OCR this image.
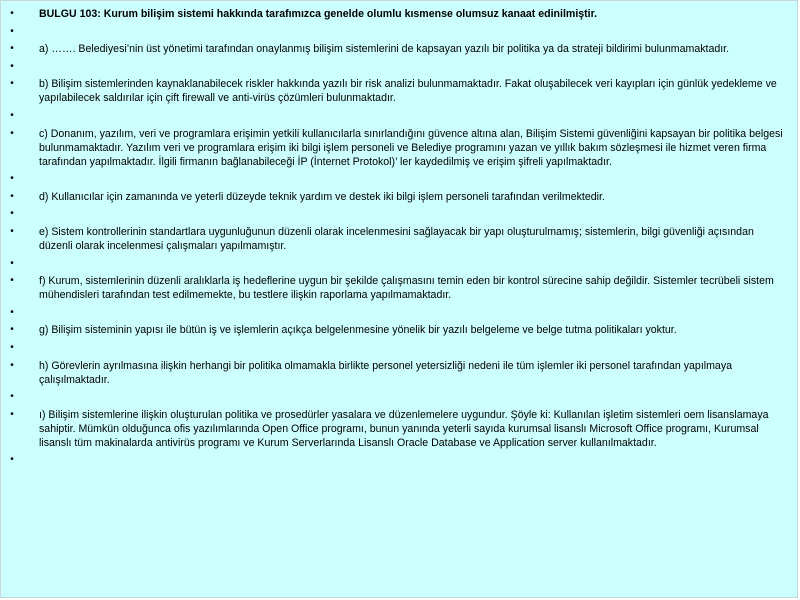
•	BULGU 103: Kurum bilişim sistemi hakkında tarafımızca genelde olumlu kısmense olumsuz kanaat edinilmiştir.
•
•	a) ……. Belediyesi’nin üst yönetimi tarafından onaylanmış bilişim sistemlerini de kapsayan yazılı bir politika ya da strateji bildirimi bulunmamaktadır.
•
•	b) Bilişim sistemlerinden kaynaklanabilecek riskler hakkında yazılı bir risk analizi bulunmamaktadır. Fakat oluşabilecek veri kayıpları için günlük yedekleme ve yapılabilecek saldırılar için çift firewall ve anti-virüs çözümleri bulunmaktadır.
•
•	c) Donanım, yazılım, veri ve programlara erişimin yetkili kullanıcılarla sınırlandığını güvence altına alan, Bilişim Sistemi güvenliğini kapsayan bir politika belgesi bulunmamaktadır. Yazılım veri ve programlara erişim iki bilgi işlem personeli ve Belediye programını yazan ve yıllık bakım sözleşmesi ile hizmet veren firma tarafından yapılmaktadır. İlgili firmanın bağlanabileceği İP (İnternet Protokol)’ ler kaydedilmiş ve erişim şifreli yapılmaktadır.
•
•	d) Kullanıcılar için zamanında ve yeterli düzeyde teknik yardım ve destek iki bilgi işlem personeli tarafından verilmektedir.
•
•	e) Sistem kontrollerinin standartlara uygunluğunun düzenli olarak incelenmesini sağlayacak bir yapı oluşturulmamış; sistemlerin, bilgi güvenliği açısından düzenli olarak incelenmesi çalışmaları yapılmamıştır.
•
•	f) Kurum, sistemlerinin düzenli aralıklarla iş hedeflerine uygun bir şekilde çalışmasını temin eden bir kontrol sürecine sahip değildir. Sistemler tecrübeli sistem mühendisleri tarafından test edilmemekte, bu testlere ilişkin raporlama yapılmamaktadır.
•
•	g) Bilişim sisteminin yapısı ile bütün iş ve işlemlerin açıkça belgelenmesine yönelik bir yazılı belgeleme ve belge tutma politikaları yoktur.
•
•	h) Görevlerin ayrılmasına ilişkin herhangi bir politika olmamakla birlikte personel yetersizliği nedeni ile tüm işlemler iki personel tarafından yapılmaya çalışılmaktadır.
•
•	ı) Bilişim sistemlerine ilişkin oluşturulan politika ve prosedürler yasalara ve düzenlemelere uygundur. Şöyle ki: Kullanılan işletim sistemleri oem lisanslamaya sahiptir. Mümkün olduğunca ofis yazılımlarında Open Office programı, bunun yanında yeterli sayıda kurumsal lisanslı Microsoft Office programı, Kurumsal lisanslı tüm makinalarda antivirüs programı ve Kurum Serverlarında Lisanslı Oracle Database ve Application server kullanılmaktadır.
•
